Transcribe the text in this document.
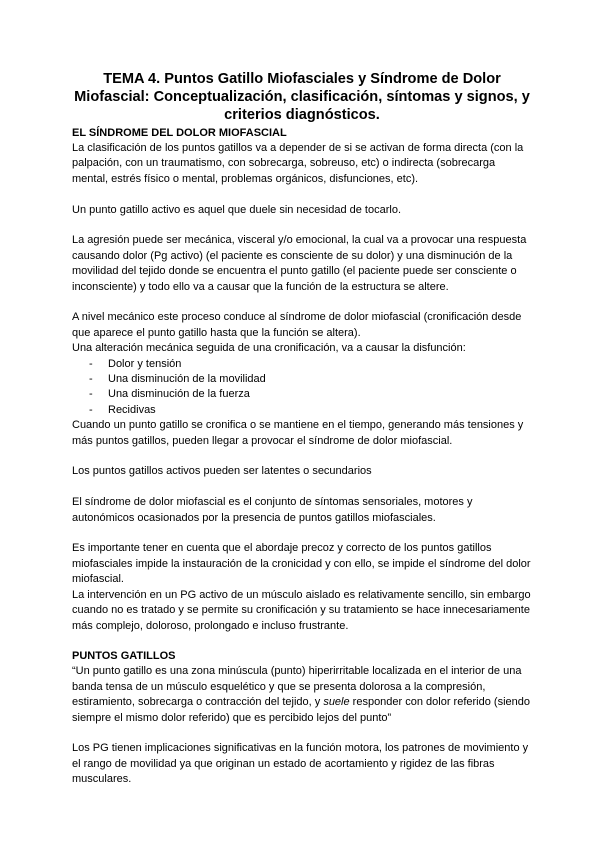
TEMA 4. Puntos Gatillo Miofasciales y Síndrome de Dolor Miofascial: Conceptualización, clasificación, síntomas y signos, y criterios diagnósticos.
EL SÍNDROME DEL DOLOR MIOFASCIAL

La clasificación de los puntos gatillos va a depender de si se activan de forma directa (con la palpación, con un traumatismo, con sobrecarga, sobreuso, etc) o indirecta (sobrecarga mental, estrés físico o mental, problemas orgánicos, disfunciones, etc).

Un punto gatillo activo es aquel que duele sin necesidad de tocarlo.

La agresión puede ser mecánica, visceral y/o emocional, la cual va a provocar una respuesta causando dolor (Pg activo) (el paciente es consciente de su dolor) y una disminución de la movilidad del tejido donde se encuentra el punto gatillo (el paciente puede ser consciente o inconsciente) y todo ello va a causar que la función de la estructura se altere.

A nivel mecánico este proceso conduce al síndrome de dolor miofascial (cronificación desde que aparece el punto gatillo hasta que la función se altera).

Una alteración mecánica seguida de una cronificación, va a causar la disfunción:

- Dolor y tensión
- Una disminución de la movilidad
- Una disminución de la fuerza
- Recidivas

Cuando un punto gatillo se cronifica o se mantiene en el tiempo, generando más tensiones y más puntos gatillos, pueden llegar a provocar el síndrome de dolor miofascial.

Los puntos gatillos activos pueden ser latentes o secundarios

El síndrome de dolor miofascial es el conjunto de síntomas sensoriales, motores y autonómicos ocasionados por la presencia de puntos gatillos miofasciales.

Es importante tener en cuenta que el abordaje precoz y correcto de los puntos gatillos miofasciales impide la instauración de la cronicidad y con ello, se impide el síndrome del dolor miofascial.

La intervención en un PG activo de un músculo aislado es relativamente sencillo, sin embargo cuando no es tratado y se permite su cronificación y su tratamiento se hace innecesariamente más complejo, doloroso, prolongado e incluso frustrante.

PUNTOS GATILLOS

“Un punto gatillo es una zona minúscula (punto) hiperirritable localizada en el interior de una banda tensa de un músculo esquelético y que se presenta dolorosa a la compresión, estiramiento, sobrecarga o contracción del tejido, y suele responder con dolor referido (siendo siempre el mismo dolor referido) que es percibido lejos del punto”

Los PG tienen implicaciones significativas en la función motora, los patrones de movimiento y el rango de movilidad ya que originan un estado de acortamiento y rigidez de las fibras musculares.
